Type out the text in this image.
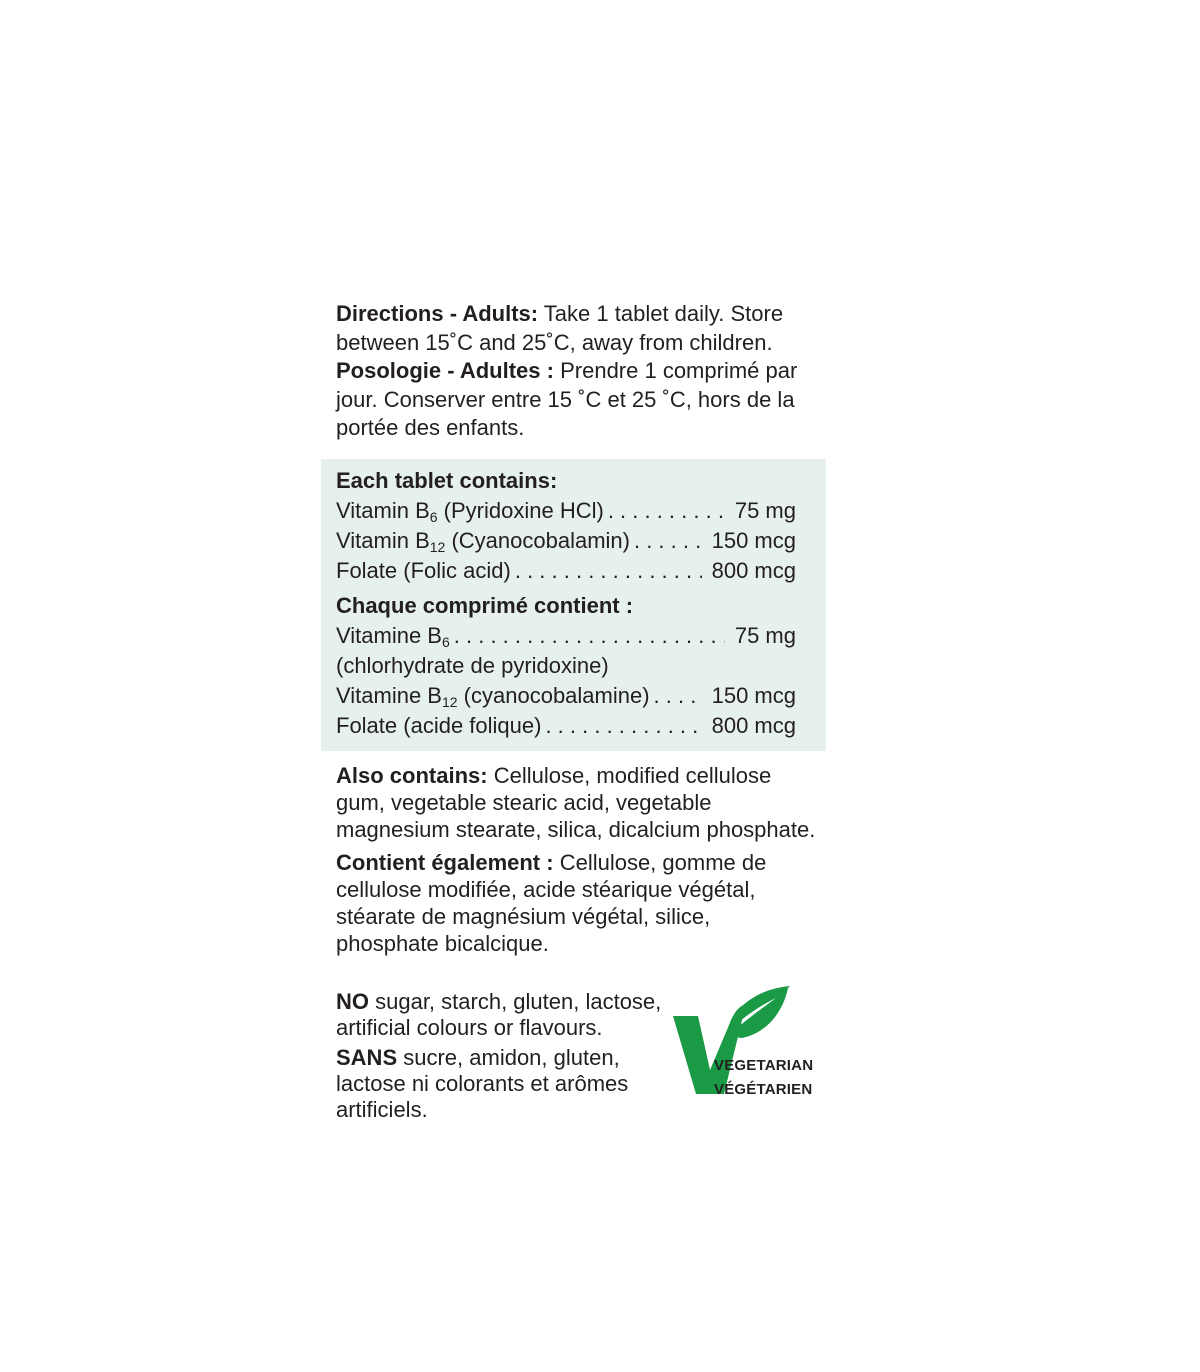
Directions - Adults: Take 1 tablet daily. Store between 15˚C and 25˚C, away from children.

Posologie - Adultes : Prendre 1 comprimé par jour. Conserver entre 15 ˚C et 25 ˚C, hors de la portée des enfants.

Each tablet contains:
Vitamin $B_6$ (Pyridoxine HCl) . . .	75 mg
Vitamin $B_{12}$ (Cyanocobalamin) . . .	150 mcg
Folate (Folic acid) . . .	800 mcg
Chaque comprimé contient :
Vitamine $B_6$ . . .	75 mg
(chlorhydrate de pyridoxine)
Vitamine $B_{12}$ (cyanocobalamine) . . .	150 mcg
Folate (acide folique) . . .	800 mcg

Also contains: Cellulose, modified cellulose gum, vegetable stearic acid, vegetable magnesium stearate, silica, dicalcium phosphate.

Contient également : Cellulose, gomme de cellulose modifiée, acide stéarique végétal, stéarate de magnésium végétal, silice, phosphate bicalcique.

NO sugar, starch, gluten, lactose, artificial colours or flavours.

SANS sucre, amidon, gluten, lactose ni colorants et arômes artificiels.

VEGETARIAN
VÉGÉTARIEN
